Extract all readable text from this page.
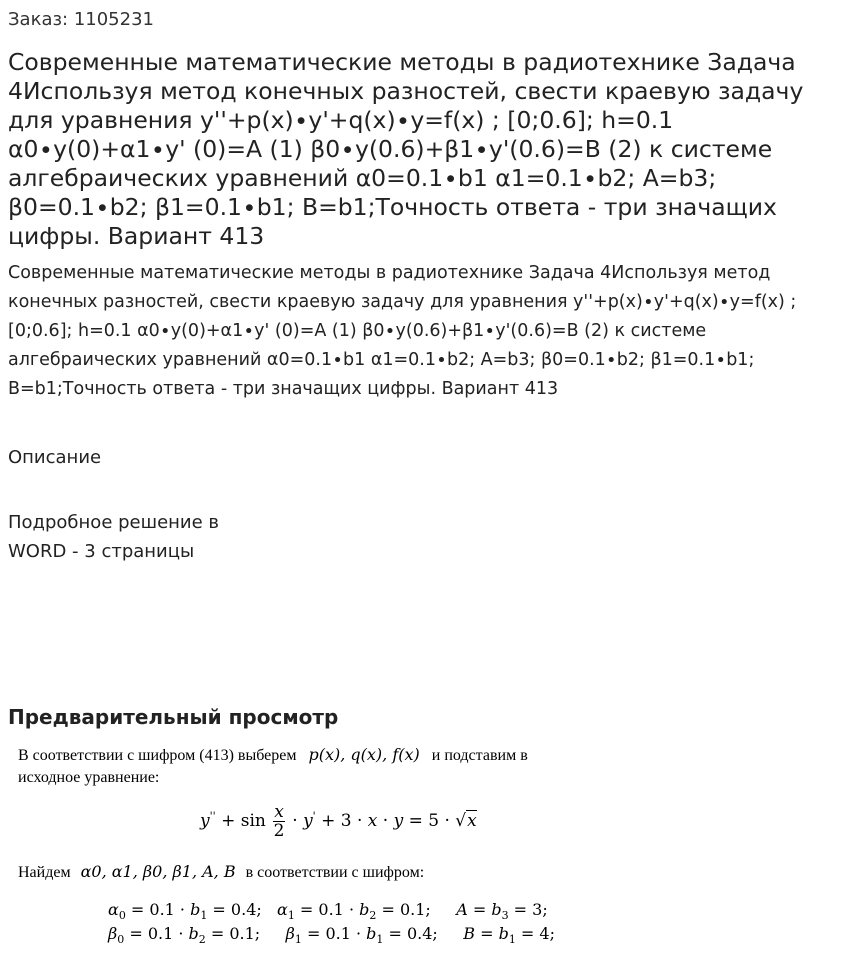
Заказ: 1105231
Современные математические методы в радиотехнике Задача 4Используя метод конечных разностей, свести краевую задачу для уравнения y''+p(x)∙y'+q(x)∙y=f(x) ; [0;0.6]; h=0.1 α0∙y(0)+α1∙y' (0)=A (1) β0∙y(0.6)+β1∙y'(0.6)=B (2) к системе алгебраических уравнений α0=0.1∙b1 α1=0.1∙b2; A=b3; β0=0.1∙b2; β1=0.1∙b1; B=b1;Точность ответа - три значащих цифры. Вариант 413

Современные математические методы в радиотехнике Задача 4Используя метод конечных разностей, свести краевую задачу для уравнения y''+p(x)∙y'+q(x)∙y=f(x) ; [0;0.6]; h=0.1 α0∙y(0)+α1∙y' (0)=A (1) β0∙y(0.6)+β1∙y'(0.6)=B (2) к системе алгебраических уравнений α0=0.1∙b1 α1=0.1∙b2; A=b3; β0=0.1∙b2; β1=0.1∙b1; B=b1;Точность ответа - три значащих цифры. Вариант 413

Описание
Подробное решение в WORD - 3 страницы
Предварительный просмотр
В соответствии с шифром (413) выберем p(x), q(x), f(x) и подставим в
исходное уравнение:
$y'' + \sin \frac{x}{2} \cdot y' + 3 \cdot x \cdot y = 5 \cdot √x$
Найдем α0, α1, β0, β1, A, B в соответствии с шифром:
$\alpha_0 = 0.1 \cdot b_1 = 0.4$;   $\alpha_1 = 0.1 \cdot b_2 = 0.1$;     $A = b_3 = 3$;
$\beta_0 = 0.1 \cdot b_2 = 0.1$;     $\beta_1 = 0.1 \cdot b_1 = 0.4$;     $B = b_1 = 4$;
